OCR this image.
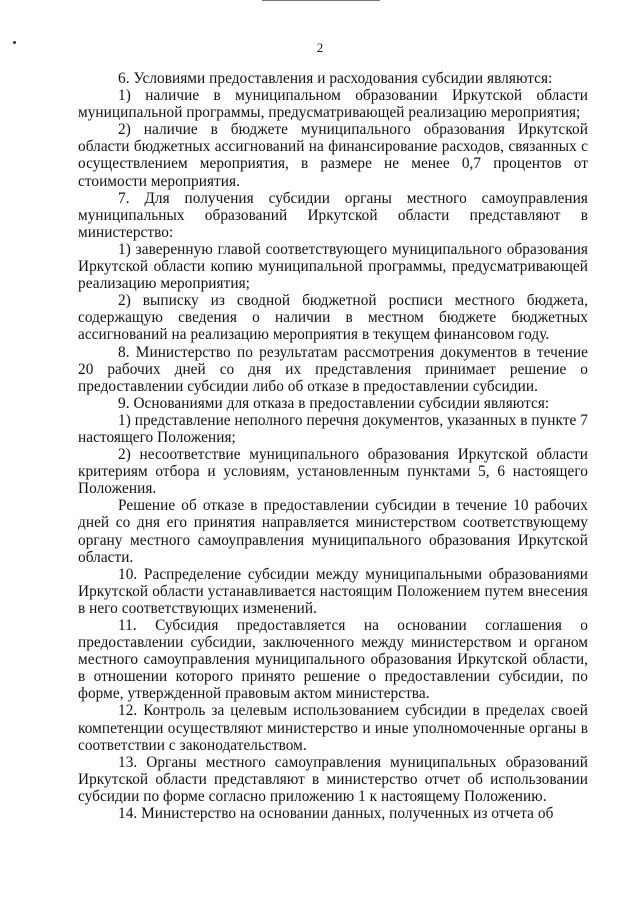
2

6. Условиями предоставления и расходования субсидии являются:

1) наличие в муниципальном образовании Иркутской области муниципальной программы, предусматривающей реализацию мероприятия;

2) наличие в бюджете муниципального образования Иркутской области бюджетных ассигнований на финансирование расходов, связанных с осуществлением мероприятия, в размере не менее 0,7 процентов от стоимости мероприятия.

7. Для получения субсидии органы местного самоуправления муниципальных образований Иркутской области представляют в министерство:

1) заверенную главой соответствующего муниципального образования Иркутской области копию муниципальной программы, предусматривающей реализацию мероприятия;

2) выписку из сводной бюджетной росписи местного бюджета, содержащую сведения о наличии в местном бюджете бюджетных ассигнований на реализацию мероприятия в текущем финансовом году.

8. Министерство по результатам рассмотрения документов в течение 20 рабочих дней со дня их представления принимает решение о предоставлении субсидии либо об отказе в предоставлении субсидии.

9. Основаниями для отказа в предоставлении субсидии являются:

1) представление неполного перечня документов, указанных в пункте 7 настоящего Положения;

2) несоответствие муниципального образования Иркутской области критериям отбора и условиям, установленным пунктами 5, 6 настоящего Положения.

Решение об отказе в предоставлении субсидии в течение 10 рабочих дней со дня его принятия направляется министерством соответствующему органу местного самоуправления муниципального образования Иркутской области.

10. Распределение субсидии между муниципальными образованиями Иркутской области устанавливается настоящим Положением путем внесения в него соответствующих изменений.

11. Субсидия предоставляется на основании соглашения о предоставлении субсидии, заключенного между министерством и органом местного самоуправления муниципального образования Иркутской области, в отношении которого принято решение о предоставлении субсидии, по форме, утвержденной правовым актом министерства.

12. Контроль за целевым использованием субсидии в пределах своей компетенции осуществляют министерство и иные уполномоченные органы в соответствии с законодательством.

13. Органы местного самоуправления муниципальных образований Иркутской области представляют в министерство отчет об использовании субсидии по форме согласно приложению 1 к настоящему Положению.

14. Министерство на основании данных, полученных из отчета об
